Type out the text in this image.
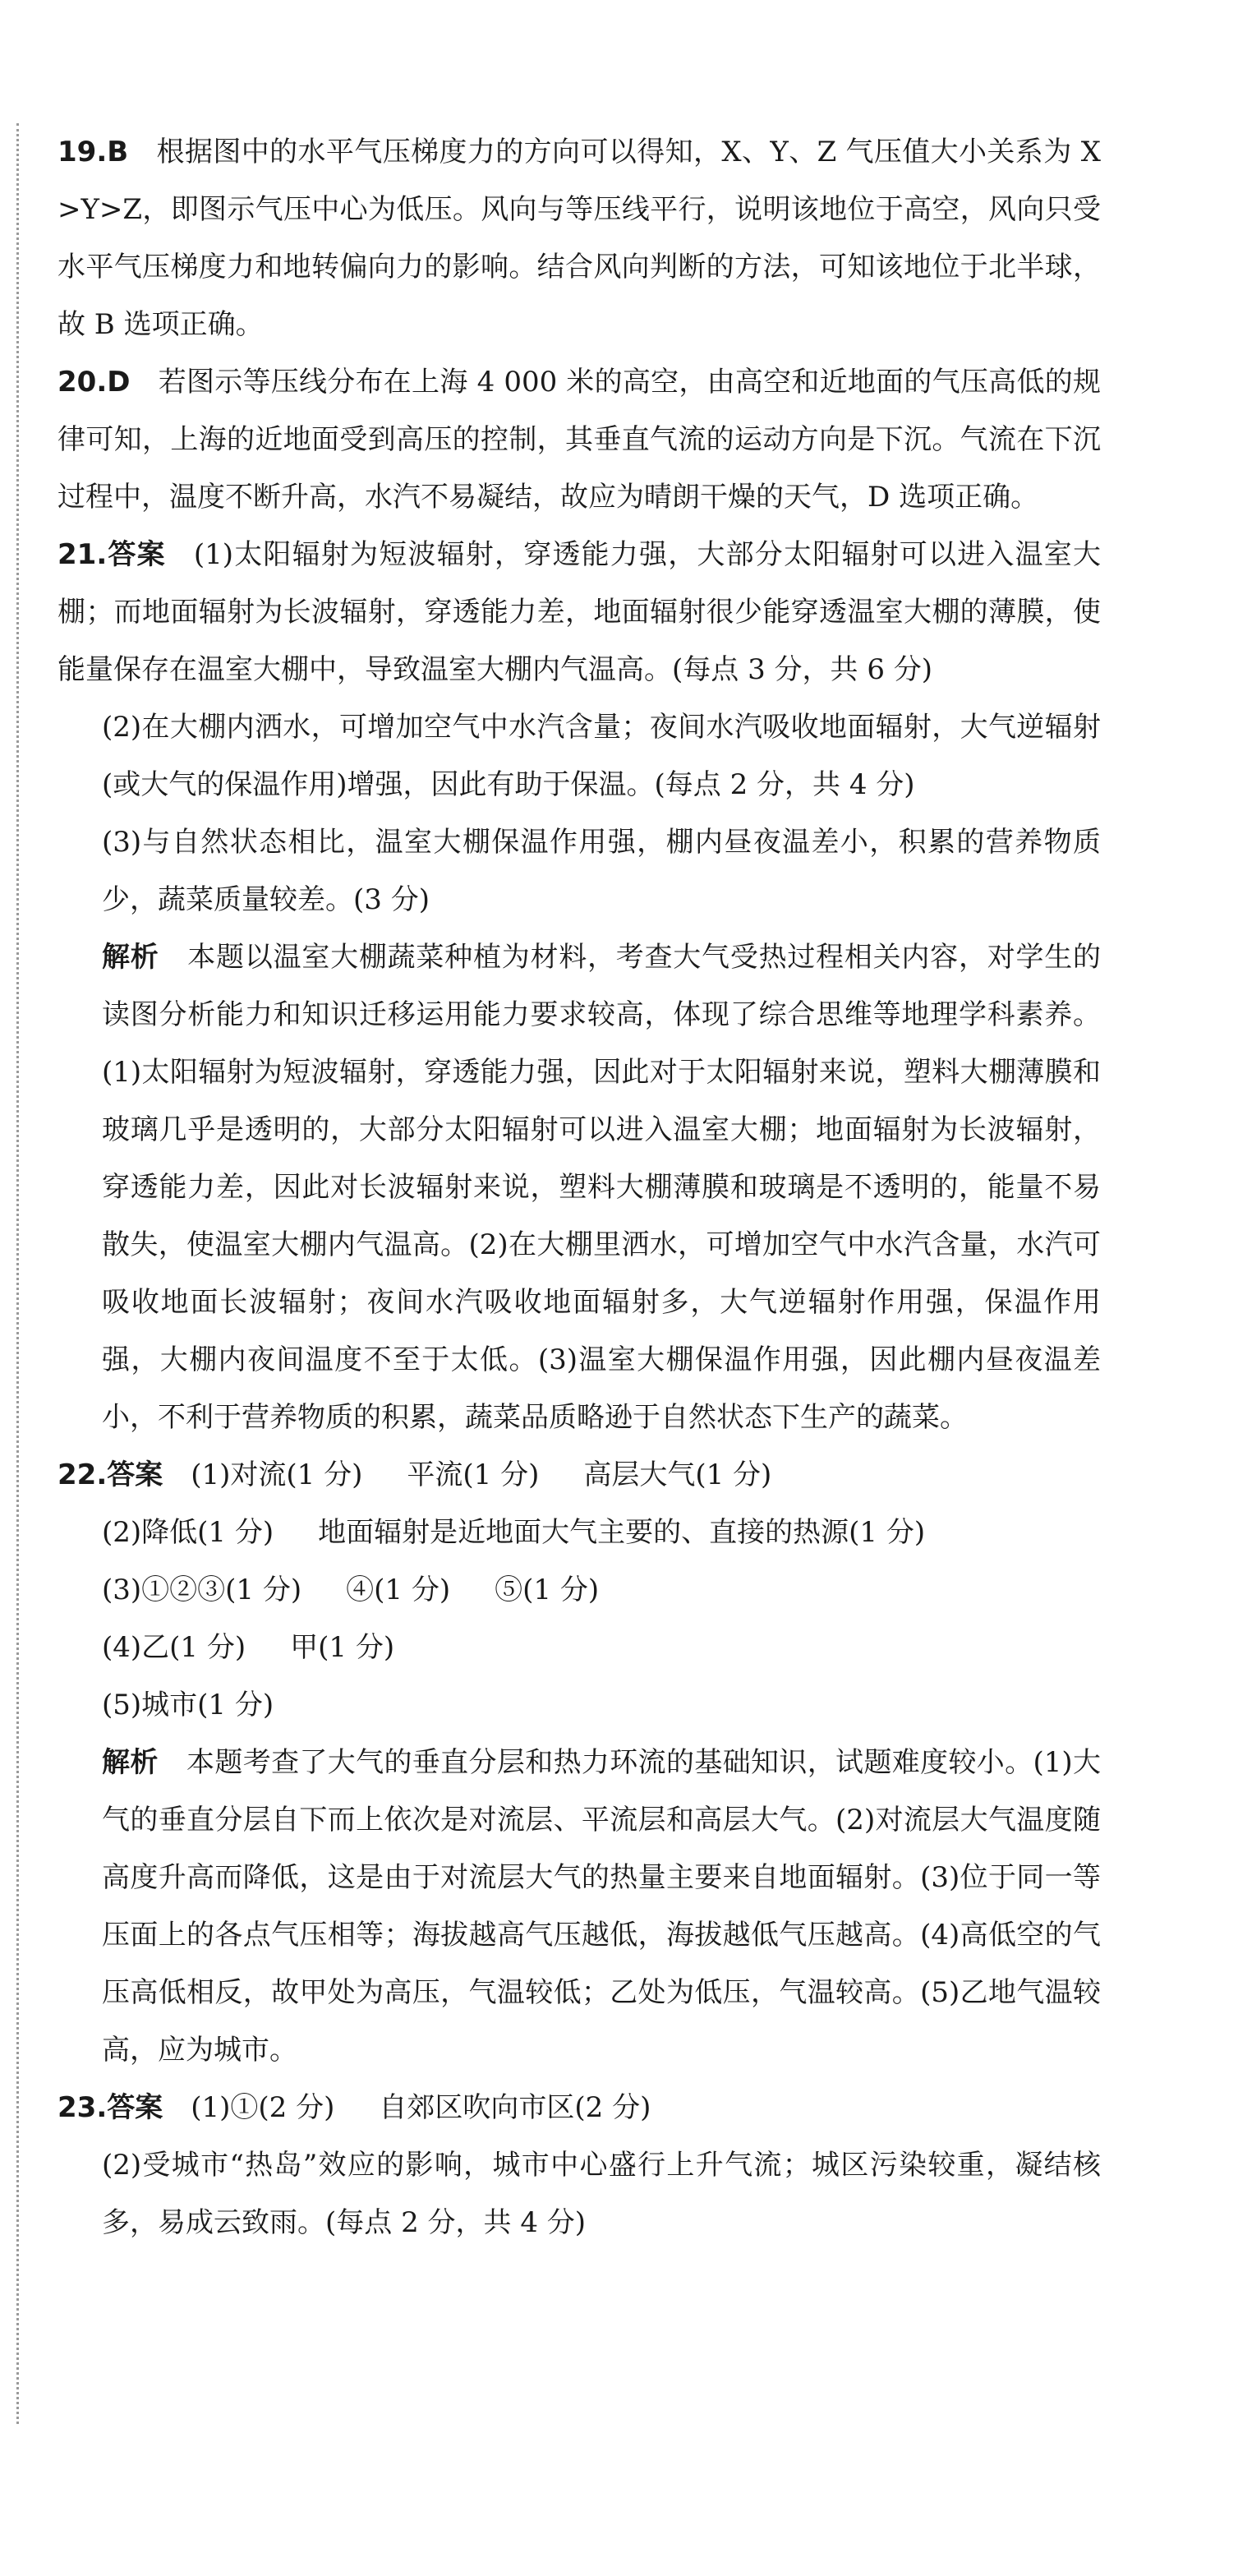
19.B 根据图中的水平气压梯度力的方向可以得知，X、Y、Z 气压值大小关系为 X>Y>Z，即图示气压中心为低压。风向与等压线平行，说明该地位于高空，风向只受水平气压梯度力和地转偏向力的影响。结合风向判断的方法，可知该地位于北半球，故 B 选项正确。

20.D 若图示等压线分布在上海 4 000 米的高空，由高空和近地面的气压高低的规律可知，上海的近地面受到高压的控制，其垂直气流的运动方向是下沉。气流在下沉过程中，温度不断升高，水汽不易凝结，故应为晴朗干燥的天气，D 选项正确。

21.答案 (1)太阳辐射为短波辐射，穿透能力强，大部分太阳辐射可以进入温室大棚；而地面辐射为长波辐射，穿透能力差，地面辐射很少能穿透温室大棚的薄膜，使能量保存在温室大棚中，导致温室大棚内气温高。(每点 3 分，共 6 分)

(2)在大棚内洒水，可增加空气中水汽含量；夜间水汽吸收地面辐射，大气逆辐射(或大气的保温作用)增强，因此有助于保温。(每点 2 分，共 4 分)

(3)与自然状态相比，温室大棚保温作用强，棚内昼夜温差小，积累的营养物质少，蔬菜质量较差。(3 分)

解析 本题以温室大棚蔬菜种植为材料，考查大气受热过程相关内容，对学生的读图分析能力和知识迁移运用能力要求较高，体现了综合思维等地理学科素养。(1)太阳辐射为短波辐射，穿透能力强，因此对于太阳辐射来说，塑料大棚薄膜和玻璃几乎是透明的，大部分太阳辐射可以进入温室大棚；地面辐射为长波辐射，穿透能力差，因此对长波辐射来说，塑料大棚薄膜和玻璃是不透明的，能量不易散失，使温室大棚内气温高。(2)在大棚里洒水，可增加空气中水汽含量，水汽可吸收地面长波辐射；夜间水汽吸收地面辐射多，大气逆辐射作用强，保温作用强，大棚内夜间温度不至于太低。(3)温室大棚保温作用强，因此棚内昼夜温差小，不利于营养物质的积累，蔬菜品质略逊于自然状态下生产的蔬菜。

22.答案 (1)对流(1 分) 平流(1 分) 高层大气(1 分)

(2)降低(1 分) 地面辐射是近地面大气主要的、直接的热源(1 分)

(3)①②③(1 分) ④(1 分) ⑤(1 分)

(4)乙(1 分) 甲(1 分)

(5)城市(1 分)

解析 本题考查了大气的垂直分层和热力环流的基础知识，试题难度较小。(1)大气的垂直分层自下而上依次是对流层、平流层和高层大气。(2)对流层大气温度随高度升高而降低，这是由于对流层大气的热量主要来自地面辐射。(3)位于同一等压面上的各点气压相等；海拔越高气压越低，海拔越低气压越高。(4)高低空的气压高低相反，故甲处为高压，气温较低；乙处为低压，气温较高。(5)乙地气温较高，应为城市。

23.答案 (1)①(2 分) 自郊区吹向市区(2 分)

(2)受城市“热岛”效应的影响，城市中心盛行上升气流；城区污染较重，凝结核多，易成云致雨。(每点 2 分，共 4 分)
